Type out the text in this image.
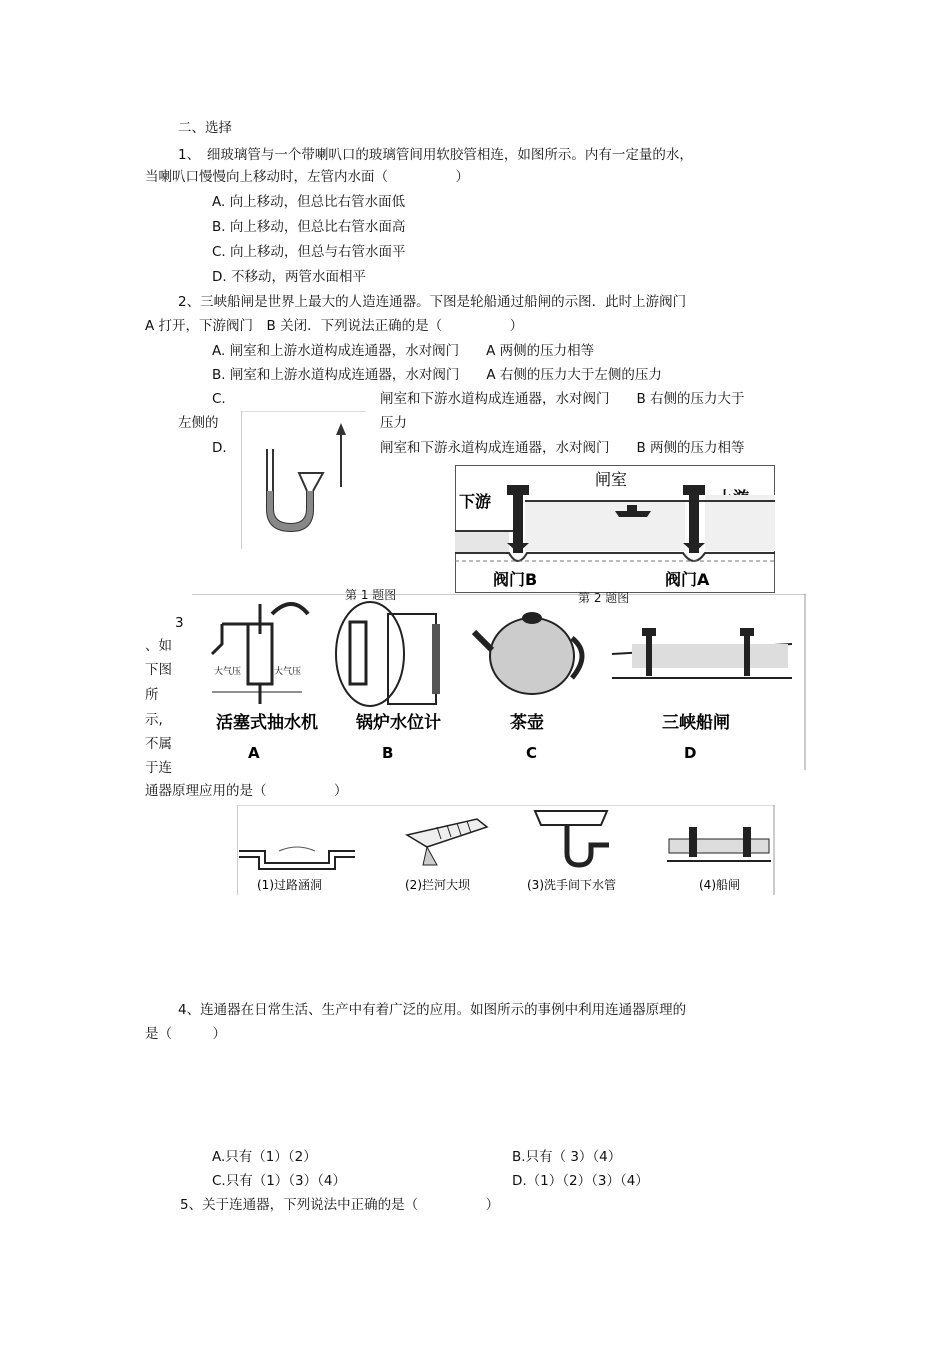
二、选择
1、　细玻璃管与一个带喇叭口的玻璃管间用软胶管相连，如图所示。内有一定量的水，
当喇叭口慢慢向上移动时，左管内水面（　　　　　）
A. 向上移动，但总比右管水面低
B. 向上移动，但总比右管水面高
C. 向上移动，但总与右管水面平
D. 不移动，两管水面相平
2、三峡船闸是世界上最大的人造连通器。下图是轮船通过船闸的示图．此时上游阀门
A 打开，下游阀门　B 关闭．下列说法正确的是（　　　　　）
A. 闸室和上游水道构成连通器，水对阀门　　A 两侧的压力相等
B. 闸室和上游水道构成连通器，水对阀门　　A 右侧的压力大于左侧的压力
C.	闸室和下游水道构成连通器，水对阀门　　B 右侧的压力大于
左侧的	压力
D.	闸室和下游永道构成连通器，水对阀门　　B 两侧的压力相等
闸室
下游
阀门B	阀门A
第 1 题图	第 2 题图
3
、如
下图
所
示,
不属
于连
通器原理应用的是（　　　　　）
大气压	大气压
活塞式抽水机
A
锅炉水位计
B
茶壶
C
三峡船闸
D
(1)过路涵洞	(2)拦河大坝	(3)洗手间下水管	(4)船闸
4、连通器在日常生活、生产中有着广泛的应用。如图所示的事例中利用连通器原理的
是（　　　）
A.只有（1）（2）	B.只有（ 3）（4）
C.只有（1）（3）（4）	D.（1）（2）（3）（4）
5、关于连通器，下列说法中正确的是（　　　　　）
